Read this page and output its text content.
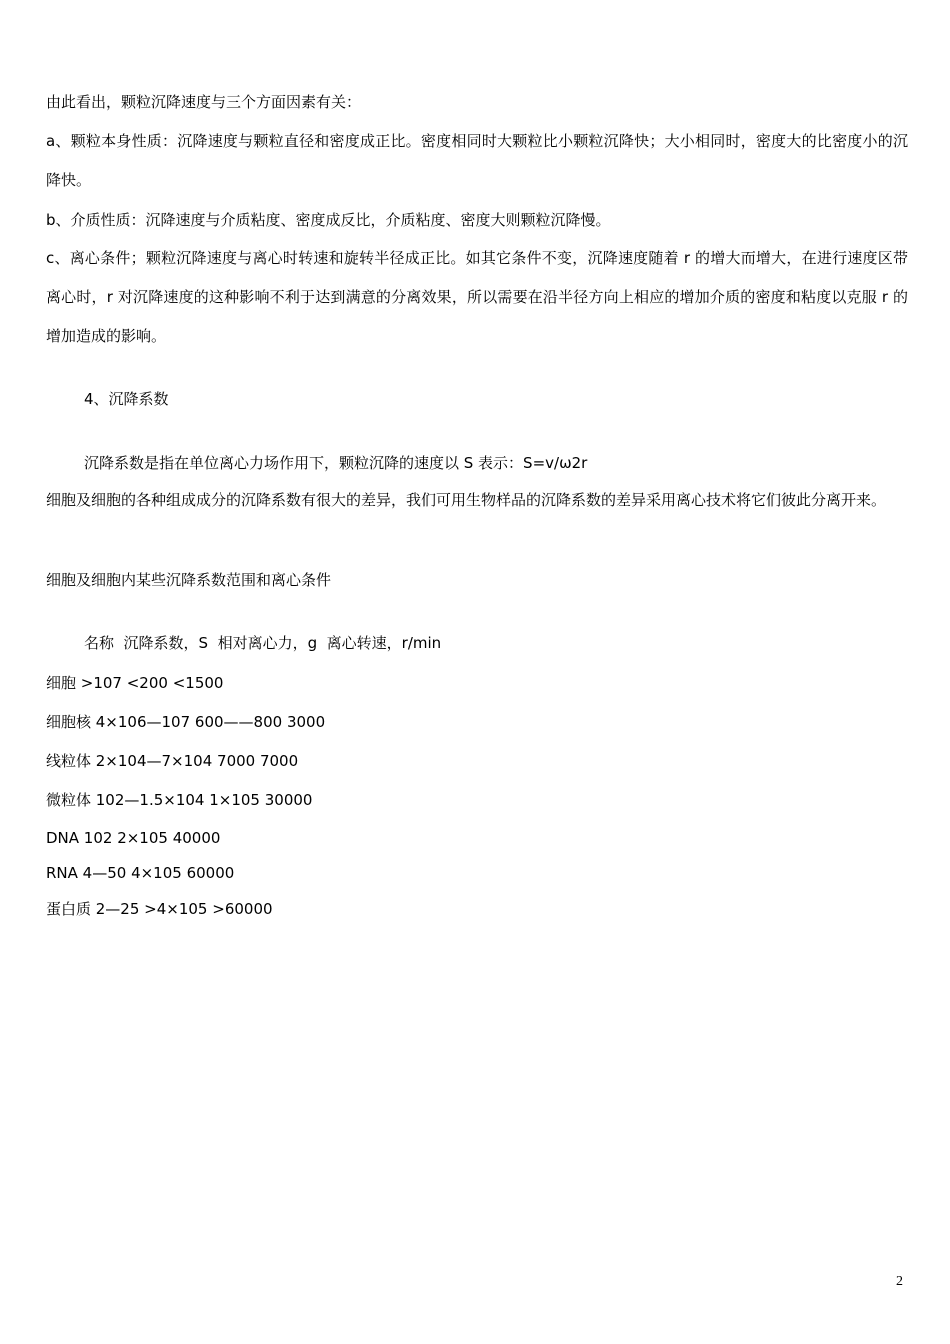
由此看出，颗粒沉降速度与三个方面因素有关：

a、颗粒本身性质：沉降速度与颗粒直径和密度成正比。密度相同时大颗粒比小颗粒沉降快；大小相同时，密度大的比密度小的沉降快。

b、介质性质：沉降速度与介质粘度、密度成反比，介质粘度、密度大则颗粒沉降慢。

c、离心条件；颗粒沉降速度与离心时转速和旋转半径成正比。如其它条件不变，沉降速度随着 r 的增大而增大，在进行速度区带离心时，r 对沉降速度的这种影响不利于达到满意的分离效果，所以需要在沿半径方向上相应的增加介质的密度和粘度以克服 r 的增加造成的影响。

4、沉降系数

沉降系数是指在单位离心力场作用下，颗粒沉降的速度以 S 表示：S=v/ω2r

细胞及细胞的各种组成成分的沉降系数有很大的差异，我们可用生物样品的沉降系数的差异采用离心技术将它们彼此分离开来。

细胞及细胞内某些沉降系数范围和离心条件

名称  沉降系数，S  相对离心力，g  离心转速，r/min
细胞 >107 <200 <1500
细胞核 4×106—107 600——800 3000
线粒体 2×104—7×104 7000 7000
微粒体 102—1.5×104 1×105 30000
DNA 102 2×105 40000
RNA 4—50 4×105 60000
蛋白质 2—25 >4×105 >60000
2
